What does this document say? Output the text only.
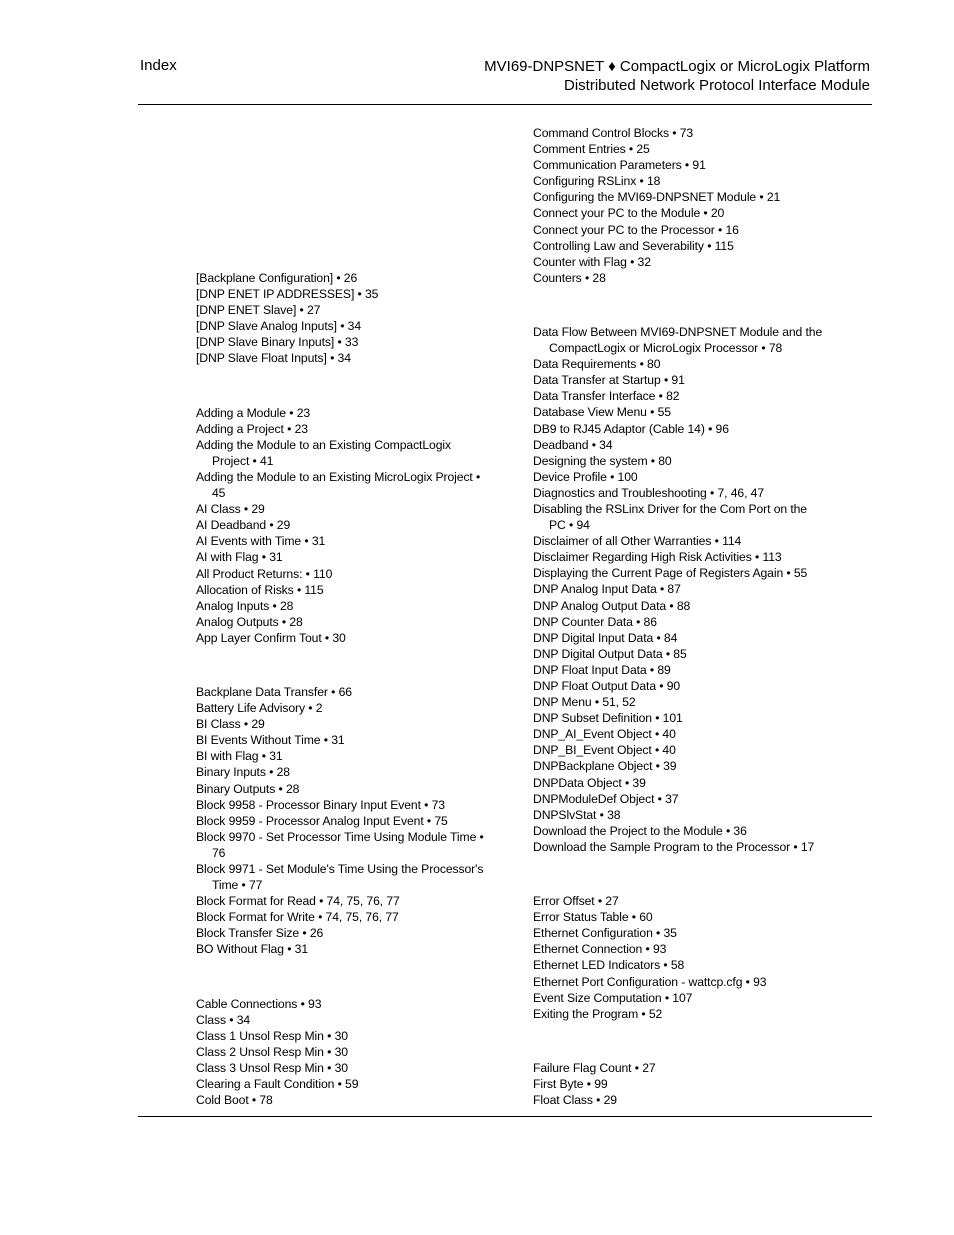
Index	MVI69-DNPSNET ♦ CompactLogix or MicroLogix Platform
Distributed Network Protocol Interface Module
[Backplane Configuration] • 26
[DNP ENET IP ADDRESSES] • 35
[DNP ENET Slave] • 27
[DNP Slave Analog Inputs] • 34
[DNP Slave Binary Inputs] • 33
[DNP Slave Float Inputs] • 34
Adding a Module • 23
Adding a Project • 23
Adding the Module to an Existing CompactLogix
Project • 41
Adding the Module to an Existing MicroLogix Project •
45
AI Class • 29
AI Deadband • 29
AI Events with Time • 31
AI with Flag • 31
All Product Returns: • 110
Allocation of Risks • 115
Analog Inputs • 28
Analog Outputs • 28
App Layer Confirm Tout • 30
Backplane Data Transfer • 66
Battery Life Advisory • 2
BI Class • 29
BI Events Without Time • 31
BI with Flag • 31
Binary Inputs • 28
Binary Outputs • 28
Block 9958 - Processor Binary Input Event • 73
Block 9959 - Processor Analog Input Event • 75
Block 9970 - Set Processor Time Using Module Time •
76
Block 9971 - Set Module's Time Using the Processor's
Time • 77
Block Format for Read • 74, 75, 76, 77
Block Format for Write • 74, 75, 76, 77
Block Transfer Size • 26
BO Without Flag • 31
Cable Connections • 93
Class • 34
Class 1 Unsol Resp Min • 30
Class 2 Unsol Resp Min • 30
Class 3 Unsol Resp Min • 30
Clearing a Fault Condition • 59
Cold Boot • 78
Command Control Blocks • 73
Comment Entries • 25
Communication Parameters • 91
Configuring RSLinx • 18
Configuring the MVI69-DNPSNET Module • 21
Connect your PC to the Module • 20
Connect your PC to the Processor • 16
Controlling Law and Severability • 115
Counter with Flag • 32
Counters • 28
Data Flow Between MVI69-DNPSNET Module and the
CompactLogix or MicroLogix Processor • 78
Data Requirements • 80
Data Transfer at Startup • 91
Data Transfer Interface • 82
Database View Menu • 55
DB9 to RJ45 Adaptor (Cable 14) • 96
Deadband • 34
Designing the system • 80
Device Profile • 100
Diagnostics and Troubleshooting • 7, 46, 47
Disabling the RSLinx Driver for the Com Port on the
PC • 94
Disclaimer of all Other Warranties • 114
Disclaimer Regarding High Risk Activities • 113
Displaying the Current Page of Registers Again • 55
DNP Analog Input Data • 87
DNP Analog Output Data • 88
DNP Counter Data • 86
DNP Digital Input Data • 84
DNP Digital Output Data • 85
DNP Float Input Data • 89
DNP Float Output Data • 90
DNP Menu • 51, 52
DNP Subset Definition • 101
DNP_AI_Event Object • 40
DNP_BI_Event Object • 40
DNPBackplane Object • 39
DNPData Object • 39
DNPModuleDef Object • 37
DNPSlvStat • 38
Download the Project to the Module • 36
Download the Sample Program to the Processor • 17
Error Offset • 27
Error Status Table • 60
Ethernet Configuration • 35
Ethernet Connection • 93
Ethernet LED Indicators • 58
Ethernet Port Configuration - wattcp.cfg • 93
Event Size Computation • 107
Exiting the Program • 52
Failure Flag Count • 27
First Byte • 99
Float Class • 29
